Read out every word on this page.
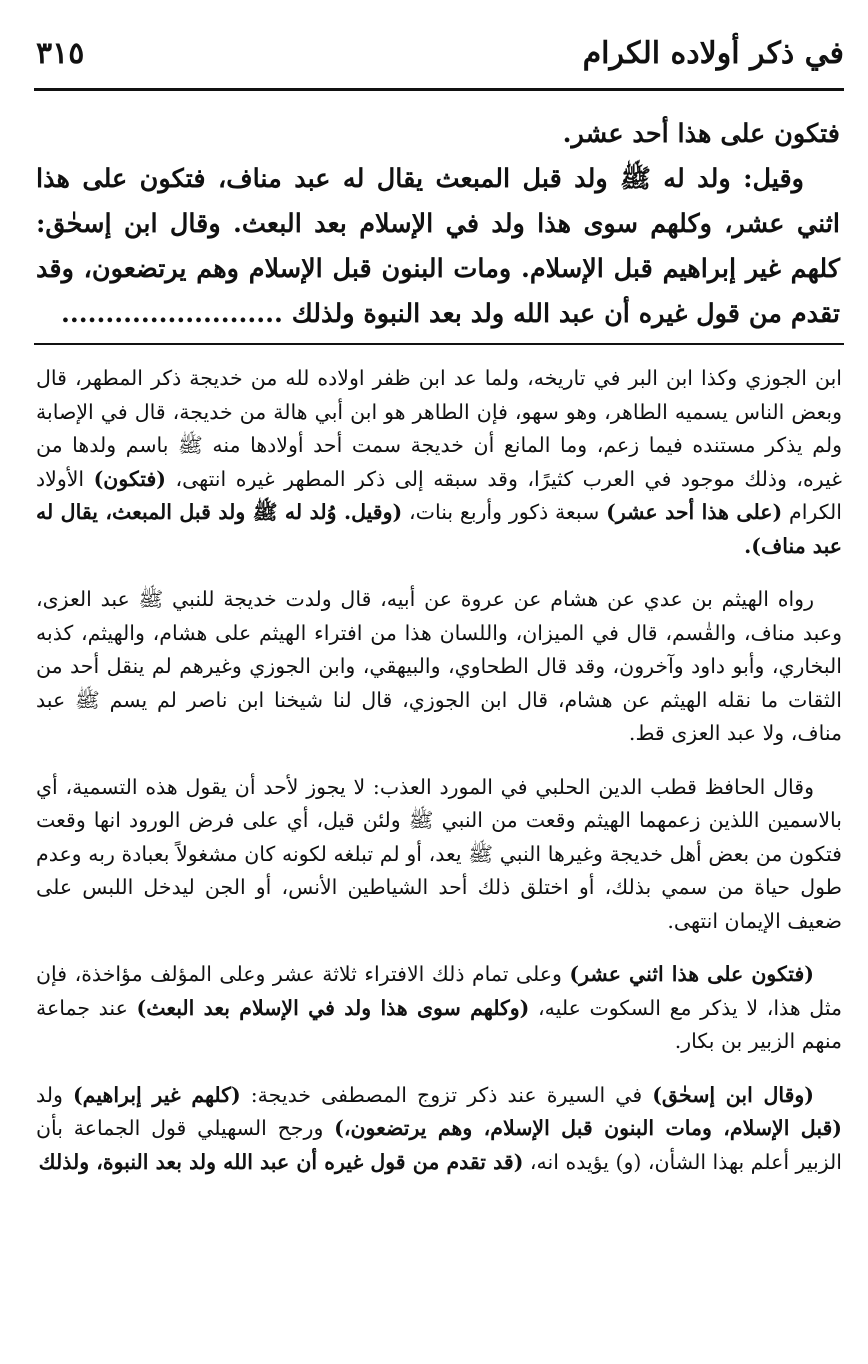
٣١٥	في ذكر أولاده الكرام

فتكون على هذا أحد عشر.

وقيل: ولد له ﷺ ولد قبل المبعث يقال له عبد مناف، فتكون على هذا اثني عشر، وكلهم سوى هذا ولد في الإسلام بعد البعث. وقال ابن إسحٰق: كلهم غير إبراهيم قبل الإسلام. ومات البنون قبل الإسلام وهم يرتضعون، وقد تقدم من قول غيره أن عبد الله ولد بعد النبوة ولذلك .........................

ابن الجوزي وكذا ابن البر في تاريخه، ولما عد ابن ظفر اولاده لله من خديجة ذكر المطهر، قال وبعض الناس يسميه الطاهر، وهو سهو، فإن الطاهر هو ابن أبي هالة من خديجة، قال في الإصابة ولم يذكر مستنده فيما زعم، وما المانع أن خديجة سمت أحد أولادها منه ﷺ باسم ولدها من غيره، وذلك موجود في العرب كثيرًا، وقد سبقه إلى ذكر المطهر غيره انتهى، (فتكون) الأولاد الكرام (على هذا أحد عشر) سبعة ذكور وأربع بنات، (وقيل. وُلد له ﷺ ولد قبل المبعث، يقال له عبد مناف).

رواه الهيثم بن عدي عن هشام عن عروة عن أبيه، قال ولدت خديجة للنبي ﷺ عبد العزى، وعبد مناف، والقٰسم، قال في الميزان، واللسان هذا من افتراء الهيثم على هشام، والهيثم، كذبه البخاري، وأبو داود وآخرون، وقد قال الطحاوي، والبيهقي، وابن الجوزي وغيرهم لم ينقل أحد من الثقات ما نقله الهيثم عن هشام، قال ابن الجوزي، قال لنا شيخنا ابن ناصر لم يسم ﷺ عبد مناف، ولا عبد العزى قط.

وقال الحافظ قطب الدين الحلبي في المورد العذب: لا يجوز لأحد أن يقول هذه التسمية، أي بالاسمين اللذين زعمهما الهيثم وقعت من النبي ﷺ ولئن قيل، أي على فرض الورود انها وقعت فتكون من بعض أهل خديجة وغيرها النبي ﷺ يعد، أو لم تبلغه لكونه كان مشغولاً بعبادة ربه وعدم طول حياة من سمي بذلك، أو اختلق ذلك أحد الشياطين الأنس، أو الجن ليدخل اللبس على ضعيف الإيمان انتهى.

(فتكون على هذا اثني عشر) وعلى تمام ذلك الافتراء ثلاثة عشر وعلى المؤلف مؤاخذة، فإن مثل هذا، لا يذكر مع السكوت عليه، (وكلهم سوى هذا ولد في الإسلام بعد البعث) عند جماعة منهم الزبير بن بكار.

(وقال ابن إسحٰق) في السيرة عند ذكر تزوج المصطفى خديجة: (كلهم غير إبراهيم) ولد (قبل الإسلام، ومات البنون قبل الإسلام، وهم يرتضعون،) ورجح السهيلي قول الجماعة بأن الزبير أعلم بهذا الشأن، (و) يؤيده انه، (قد تقدم من قول غيره أن عبد الله ولد بعد النبوة، ولذلك
